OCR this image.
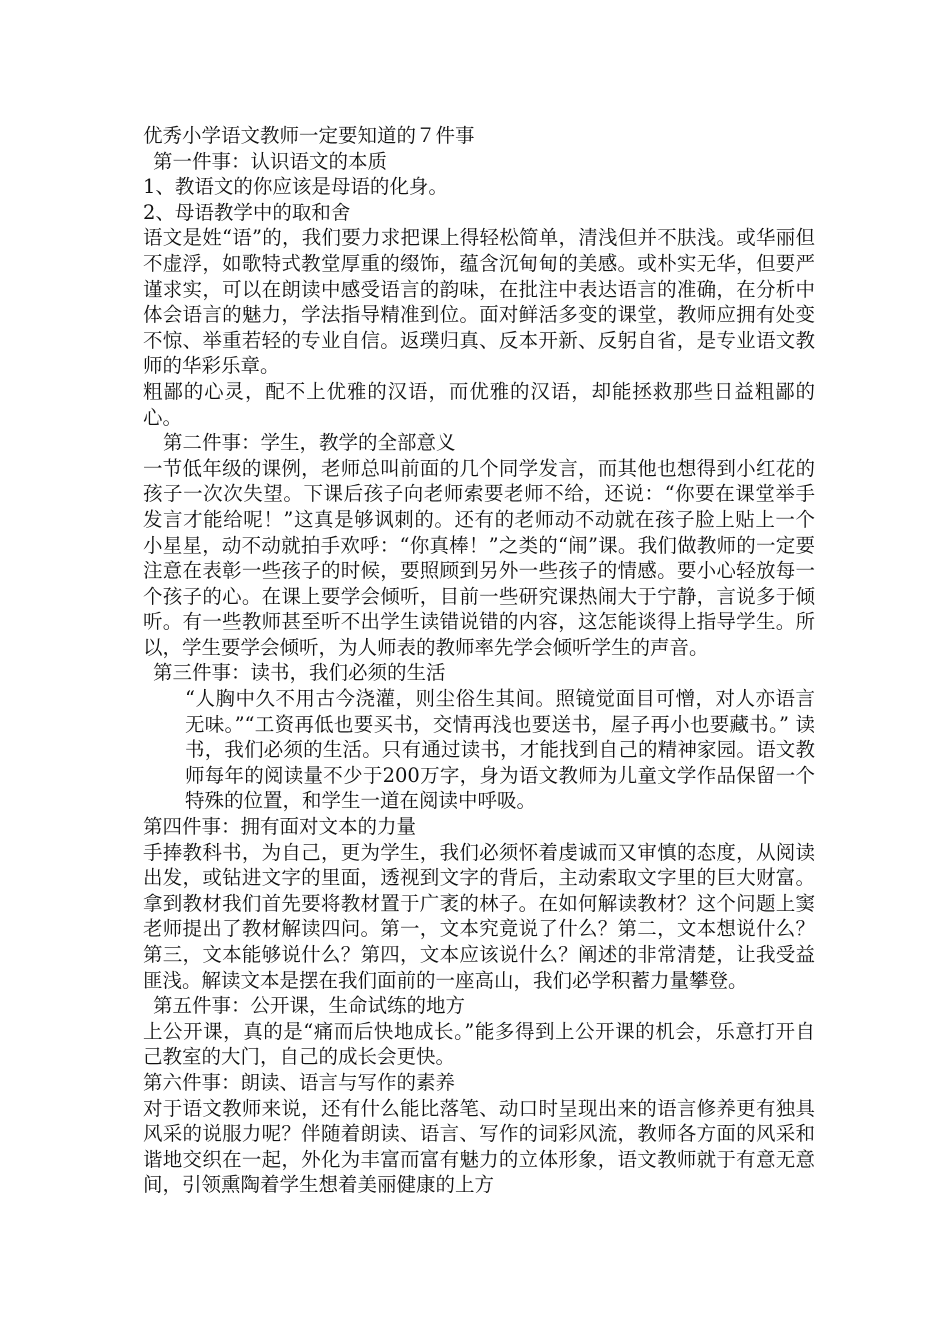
优秀小学语文教师一定要知道的７件事
第一件事：认识语文的本质
1、教语文的你应该是母语的化身。
2、母语教学中的取和舍
语文是姓“语”的，我们要力求把课上得轻松简单，清浅但并不肤浅。或华丽但不虚浮，如歌特式教堂厚重的缀饰，蕴含沉甸甸的美感。或朴实无华，但要严谨求实，可以在朗读中感受语言的韵味，在批注中表达语言的准确，在分析中体会语言的魅力，学法指导精准到位。面对鲜活多变的课堂，教师应拥有处变不惊、举重若轻的专业自信。返璞归真、反本开新、反躬自省，是专业语文教师的华彩乐章。
粗鄙的心灵，配不上优雅的汉语，而优雅的汉语，却能拯救那些日益粗鄙的心。
第二件事：学生，教学的全部意义
一节低年级的课例，老师总叫前面的几个同学发言，而其他也想得到小红花的孩子一次次失望。下课后孩子向老师索要老师不给，还说：“你要在课堂举手发言才能给呢！”这真是够讽刺的。还有的老师动不动就在孩子脸上贴上一个小星星，动不动就拍手欢呼：“你真棒！”之类的“闹”课。我们做教师的一定要注意在表彰一些孩子的时候，要照顾到另外一些孩子的情感。要小心轻放每一个孩子的心。在课上要学会倾听，目前一些研究课热闹大于宁静，言说多于倾听。有一些教师甚至听不出学生读错说错的内容，这怎能谈得上指导学生。所以，学生要学会倾听，为人师表的教师率先学会倾听学生的声音。
第三件事：读书，我们必须的生活
“人胸中久不用古今浇灌，则尘俗生其间。照镜觉面目可憎，对人亦语言无味。”“工资再低也要买书，交情再浅也要送书，屋子再小也要藏书。” 读书，我们必须的生活。只有通过读书，才能找到自己的精神家园。语文教师每年的阅读量不少于200万字，身为语文教师为儿童文学作品保留一个特殊的位置，和学生一道在阅读中呼吸。
第四件事：拥有面对文本的力量
手捧教科书，为自己，更为学生，我们必须怀着虔诚而又审慎的态度，从阅读出发，或钻进文字的里面，透视到文字的背后，主动索取文字里的巨大财富。拿到教材我们首先要将教材置于广袤的林子。在如何解读教材？这个问题上窦老师提出了教材解读四问。第一，文本究竟说了什么？第二，文本想说什么？第三，文本能够说什么？第四，文本应该说什么？阐述的非常清楚，让我受益匪浅。解读文本是摆在我们面前的一座高山，我们必学积蓄力量攀登。
第五件事：公开课，生命试练的地方
上公开课，真的是“痛而后快地成长。”能多得到上公开课的机会，乐意打开自己教室的大门，自己的成长会更快。
第六件事：朗读、语言与写作的素养
对于语文教师来说，还有什么能比落笔、动口时呈现出来的语言修养更有独具风采的说服力呢？伴随着朗读、语言、写作的词彩风流，教师各方面的风采和谐地交织在一起，外化为丰富而富有魅力的立体形象，语文教师就于有意无意间，引领熏陶着学生想着美丽健康的上方
